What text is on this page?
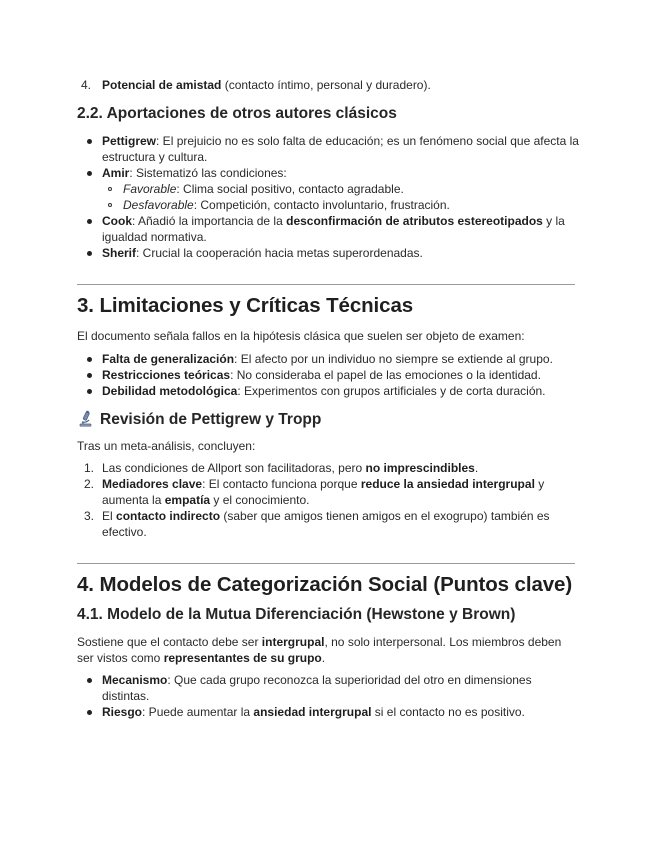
4. Potencial de amistad (contacto íntimo, personal y duradero).
2.2. Aportaciones de otros autores clásicos
Pettigrew: El prejuicio no es solo falta de educación; es un fenómeno social que afecta la
estructura y cultura.
Amir: Sistematizó las condiciones:
Favorable: Clima social positivo, contacto agradable.
Desfavorable: Competición, contacto involuntario, frustración.
Cook: Añadió la importancia de la desconfirmación de atributos estereotipados y la
igualdad normativa.
Sherif: Crucial la cooperación hacia metas superordenadas.
3. Limitaciones y Críticas Técnicas
El documento señala fallos en la hipótesis clásica que suelen ser objeto de examen:
Falta de generalización: El afecto por un individuo no siempre se extiende al grupo.
Restricciones teóricas: No consideraba el papel de las emociones o la identidad.
Debilidad metodológica: Experimentos con grupos artificiales y de corta duración.
Revisión de Pettigrew y Tropp
Tras un meta-análisis, concluyen:
1. Las condiciones de Allport son facilitadoras, pero no imprescindibles.
2. Mediadores clave: El contacto funciona porque reduce la ansiedad intergrupal y
aumenta la empatía y el conocimiento.
3. El contacto indirecto (saber que amigos tienen amigos en el exogrupo) también es
efectivo.
4. Modelos de Categorización Social (Puntos clave)
4.1. Modelo de la Mutua Diferenciación (Hewstone y Brown)
Sostiene que el contacto debe ser intergrupal, no solo interpersonal. Los miembros deben
ser vistos como representantes de su grupo.
Mecanismo: Que cada grupo reconozca la superioridad del otro en dimensiones
distintas.
Riesgo: Puede aumentar la ansiedad intergrupal si el contacto no es positivo.
